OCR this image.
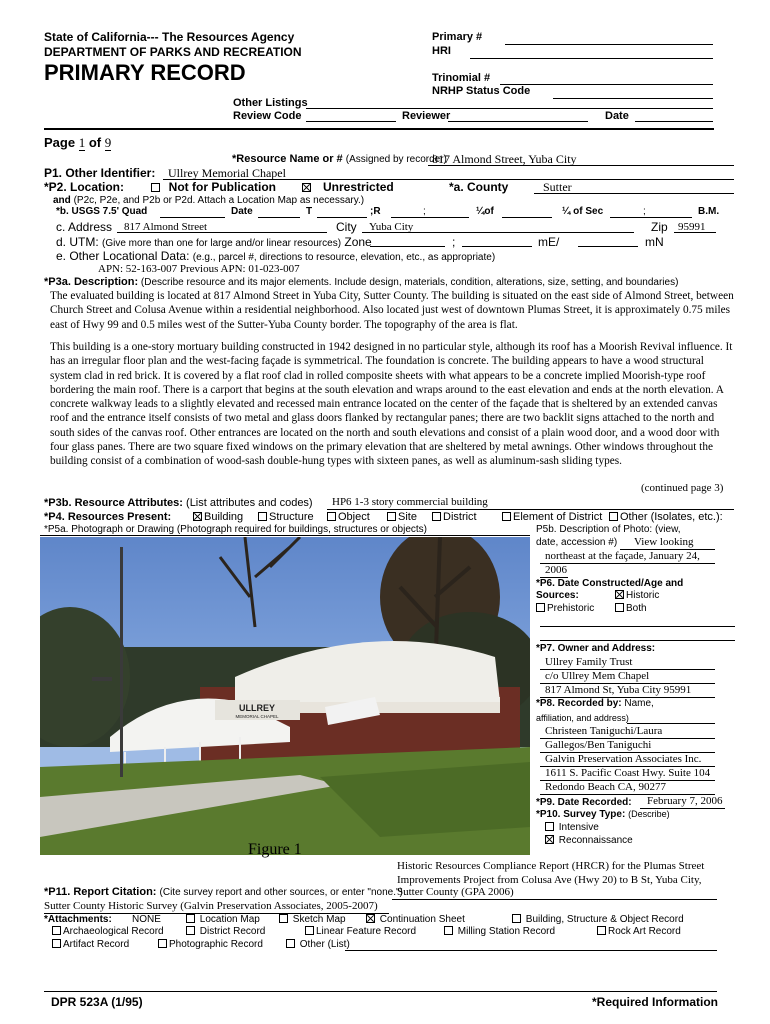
State of California--- The Resources Agency
DEPARTMENT OF PARKS AND RECREATION
PRIMARY RECORD
Primary #
HRI
Trinomial #
NRHP Status Code
Other Listings
Review Code	Reviewer	Date
Page 1 of 9
*Resource Name or # (Assigned by recorder)
817 Almond Street, Yuba City
P1. Other Identifier: Ullrey Memorial Chapel
*P2. Location:	Not for Publication	Unrestricted	*a. County	Sutter
and (P2c, P2e, and P2b or P2d. Attach a Location Map as necessary.)
*b. USGS 7.5' Quad	Date	T	;R	;	¼of	¼ of Sec	;	B.M.
c. Address 817 Almond Street	City Yuba City	Zip 95991
d. UTM: (Give more than one for large and/or linear resources) Zone	;	mE/	mN
e. Other Locational Data: (e.g., parcel #, directions to resource, elevation, etc., as appropriate)
APN: 52-163-007 Previous APN: 01-023-007
*P3a. Description: (Describe resource and its major elements. Include design, materials, condition, alterations, size, setting, and boundaries)
The evaluated building is located at 817 Almond Street in Yuba City, Sutter County. The building is situated on the east side of Almond Street, between Church Street and Colusa Avenue within a residential neighborhood. Also located just west of downtown Plumas Street, it is approximately 0.75 miles east of Hwy 99 and 0.5 miles west of the Sutter-Yuba County border. The topography of the area is flat.
This building is a one-story mortuary building constructed in 1942 designed in no particular style, although its roof has a Moorish Revival influence. It has an irregular floor plan and the west-facing façade is symmetrical. The foundation is concrete. The building appears to have a wood structural system clad in red brick. It is covered by a flat roof clad in rolled composite sheets with what appears to be a concrete implied Moorish-type roof bordering the main roof. There is a carport that begins at the south elevation and wraps around to the east elevation and ends at the north elevation. A concrete walkway leads to a slightly elevated and recessed main entrance located on the center of the façade that is sheltered by an extended canvas roof and the entrance itself consists of two metal and glass doors flanked by rectangular panes; there are two backlit signs attached to the north and south sides of the canvas roof. Other entrances are located on the north and south elevations and consist of a plain wood door, and a wood door with four glass panes. There are two square fixed windows on the primary elevation that are sheltered by metal awnings. Other windows throughout the building consist of a combination of wood-sash double-hung types with sixteen panes, as well as aluminum-sash sliding types.
(continued page 3)
*P3b. Resource Attributes: (List attributes and codes) HP6 1-3 story commercial building
*P4. Resources Present:	Building	Structure	Object	Site	District	Element of District	Other (Isolates, etc.):
*P5a. Photograph or Drawing (Photograph required for buildings, structures or objects)
ULLREY
MEMORIAL CHAPEL
Figure 1
P5b. Description of Photo: (view,
date, accession #) View looking
northeast at the façade, January 24,
2006
*P6. Date Constructed/Age and
Sources:	Historic
Prehistoric	Both
*P7. Owner and Address:
Ullrey Family Trust
c/o Ullrey Mem Chapel
817 Almond St, Yuba City 95991
*P8. Recorded by: Name,
affiliation, and address)
Christeen Taniguchi/Laura
Gallegos/Ben Taniguchi
Galvin Preservation Associates Inc.
1611 S. Pacific Coast Hwy. Suite 104
Redondo Beach CA, 90277
*P9. Date Recorded: February 7, 2006
*P10. Survey Type: (Describe)
Intensive
Reconnaissance
Historic Resources Compliance Report (HRCR) for the Plumas Street
Improvements Project from Colusa Ave (Hwy 20) to B St, Yuba City,
*P11. Report Citation: (Cite survey report and other sources, or enter "none.")
Sutter County (GPA 2006)
Sutter County Historic Survey (Galvin Preservation Associates, 2005-2007)
*Attachments: NONE	Location Map	Sketch Map	Continuation Sheet	Building, Structure & Object Record
Archaeological Record	District Record	Linear Feature Record	Milling Station Record	Rock Art Record
Artifact Record	Photographic Record	Other (List)
DPR 523A (1/95)	*Required Information
